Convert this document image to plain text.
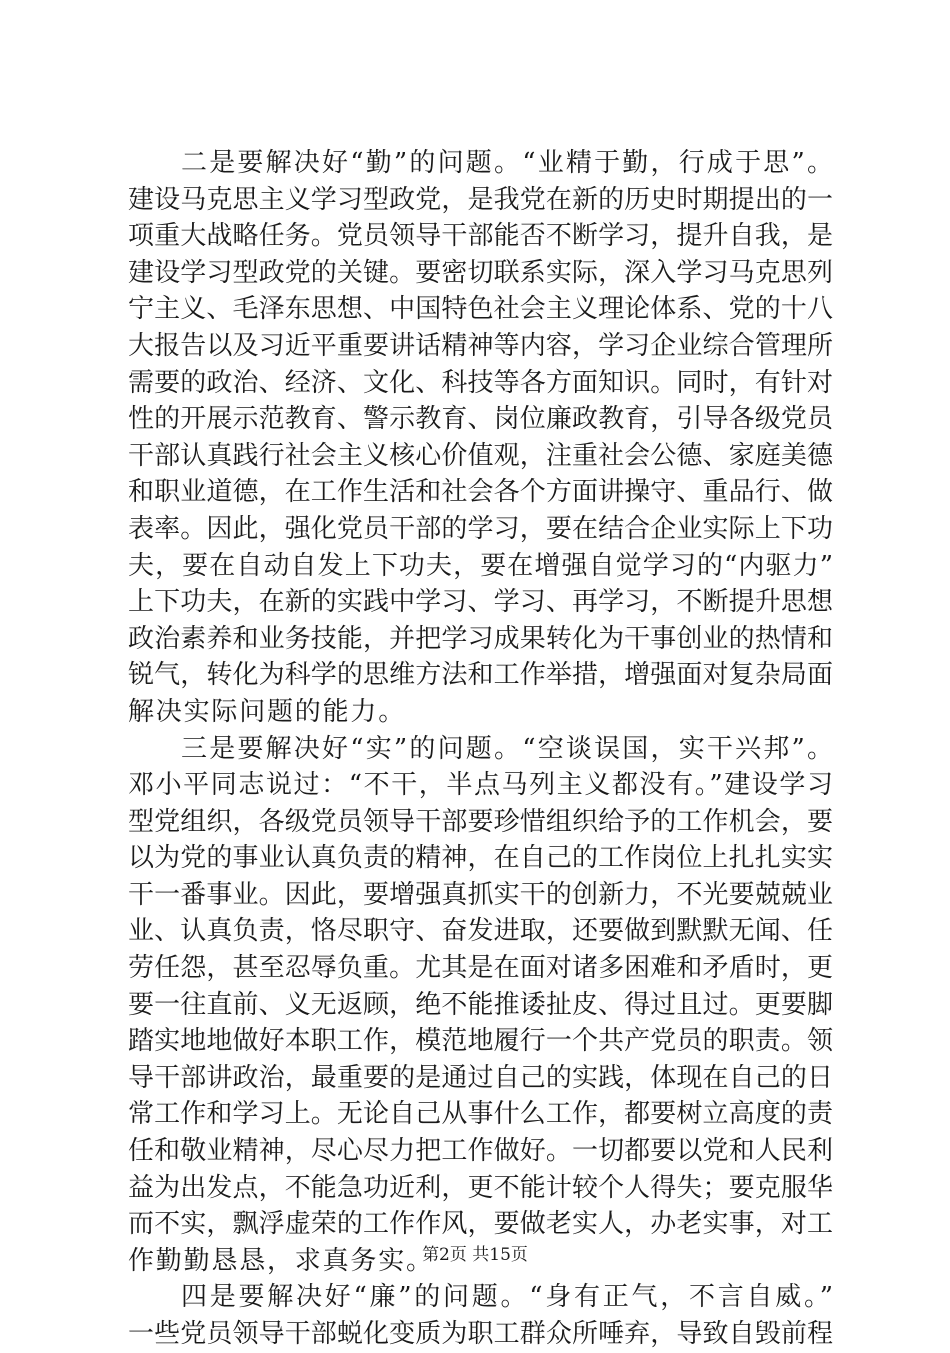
二是要解决好“勤”的问题。“业精于勤，行成于思”。
建设马克思主义学习型政党，是我党在新的历史时期提出的一
项重大战略任务。党员领导干部能否不断学习，提升自我，是
建设学习型政党的关键。要密切联系实际，深入学习马克思列
宁主义、毛泽东思想、中国特色社会主义理论体系、党的十八
大报告以及习近平重要讲话精神等内容，学习企业综合管理所
需要的政治、经济、文化、科技等各方面知识。同时，有针对
性的开展示范教育、警示教育、岗位廉政教育，引导各级党员
干部认真践行社会主义核心价值观，注重社会公德、家庭美德
和职业道德，在工作生活和社会各个方面讲操守、重品行、做
表率。因此，强化党员干部的学习，要在结合企业实际上下功
夫，要在自动自发上下功夫，要在增强自觉学习的“内驱力”
上下功夫，在新的实践中学习、学习、再学习，不断提升思想
政治素养和业务技能，并把学习成果转化为干事创业的热情和
锐气，转化为科学的思维方法和工作举措，增强面对复杂局面
解决实际问题的能力。
三是要解决好“实”的问题。“空谈误国，实干兴邦”。
邓小平同志说过：“不干，半点马列主义都没有。”建设学习
型党组织，各级党员领导干部要珍惜组织给予的工作机会，要
以为党的事业认真负责的精神，在自己的工作岗位上扎扎实实
干一番事业。因此，要增强真抓实干的创新力，不光要兢兢业
业、认真负责，恪尽职守、奋发进取，还要做到默默无闻、任
劳任怨，甚至忍辱负重。尤其是在面对诸多困难和矛盾时，更
要一往直前、义无返顾，绝不能推诿扯皮、得过且过。更要脚
踏实地地做好本职工作，模范地履行一个共产党员的职责。领
导干部讲政治，最重要的是通过自己的实践，体现在自己的日
常工作和学习上。无论自己从事什么工作，都要树立高度的责
任和敬业精神，尽心尽力把工作做好。一切都要以党和人民利
益为出发点，不能急功近利，更不能计较个人得失；要克服华
而不实，飘浮虚荣的工作作风，要做老实人，办老实事，对工
作勤勤恳恳，求真务实。
四是要解决好“廉”的问题。“身有正气，不言自威。”
一些党员领导干部蜕化变质为职工群众所唾弃，导致自毁前程
第2页 共15页
